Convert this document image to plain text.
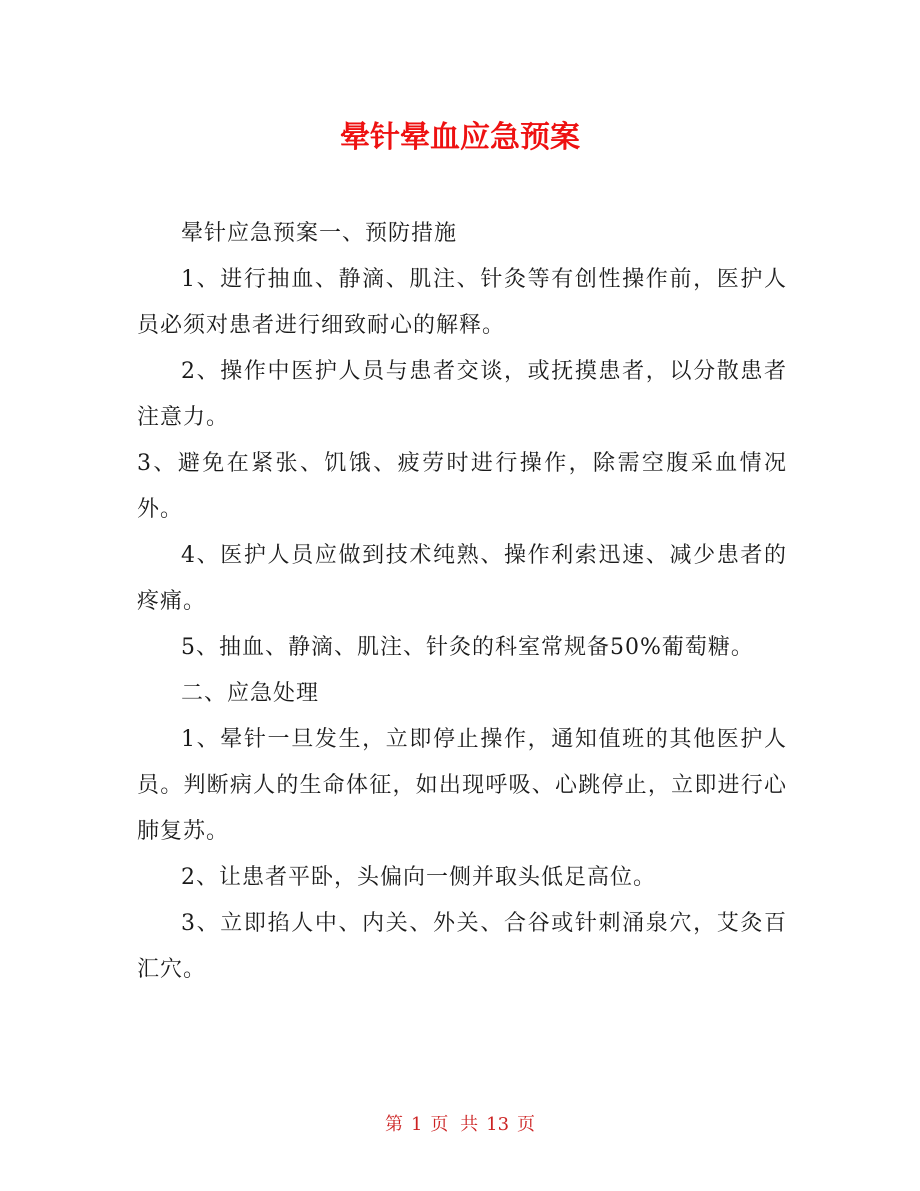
晕针晕血应急预案

晕针应急预案一、预防措施

1、进行抽血、静滴、肌注、针灸等有创性操作前，医护人员必须对患者进行细致耐心的解释。

2、操作中医护人员与患者交谈，或抚摸患者，以分散患者注意力。

3、避免在紧张、饥饿、疲劳时进行操作，除需空腹采血情况外。

4、医护人员应做到技术纯熟、操作利索迅速、减少患者的疼痛。

5、抽血、静滴、肌注、针灸的科室常规备50%葡萄糖。

二、应急处理

1、晕针一旦发生，立即停止操作，通知值班的其他医护人员。判断病人的生命体征，如出现呼吸、心跳停止，立即进行心肺复苏。

2、让患者平卧，头偏向一侧并取头低足高位。

3、立即掐人中、内关、外关、合谷或针刺涌泉穴，艾灸百汇穴。

第 1 页 共 13 页
